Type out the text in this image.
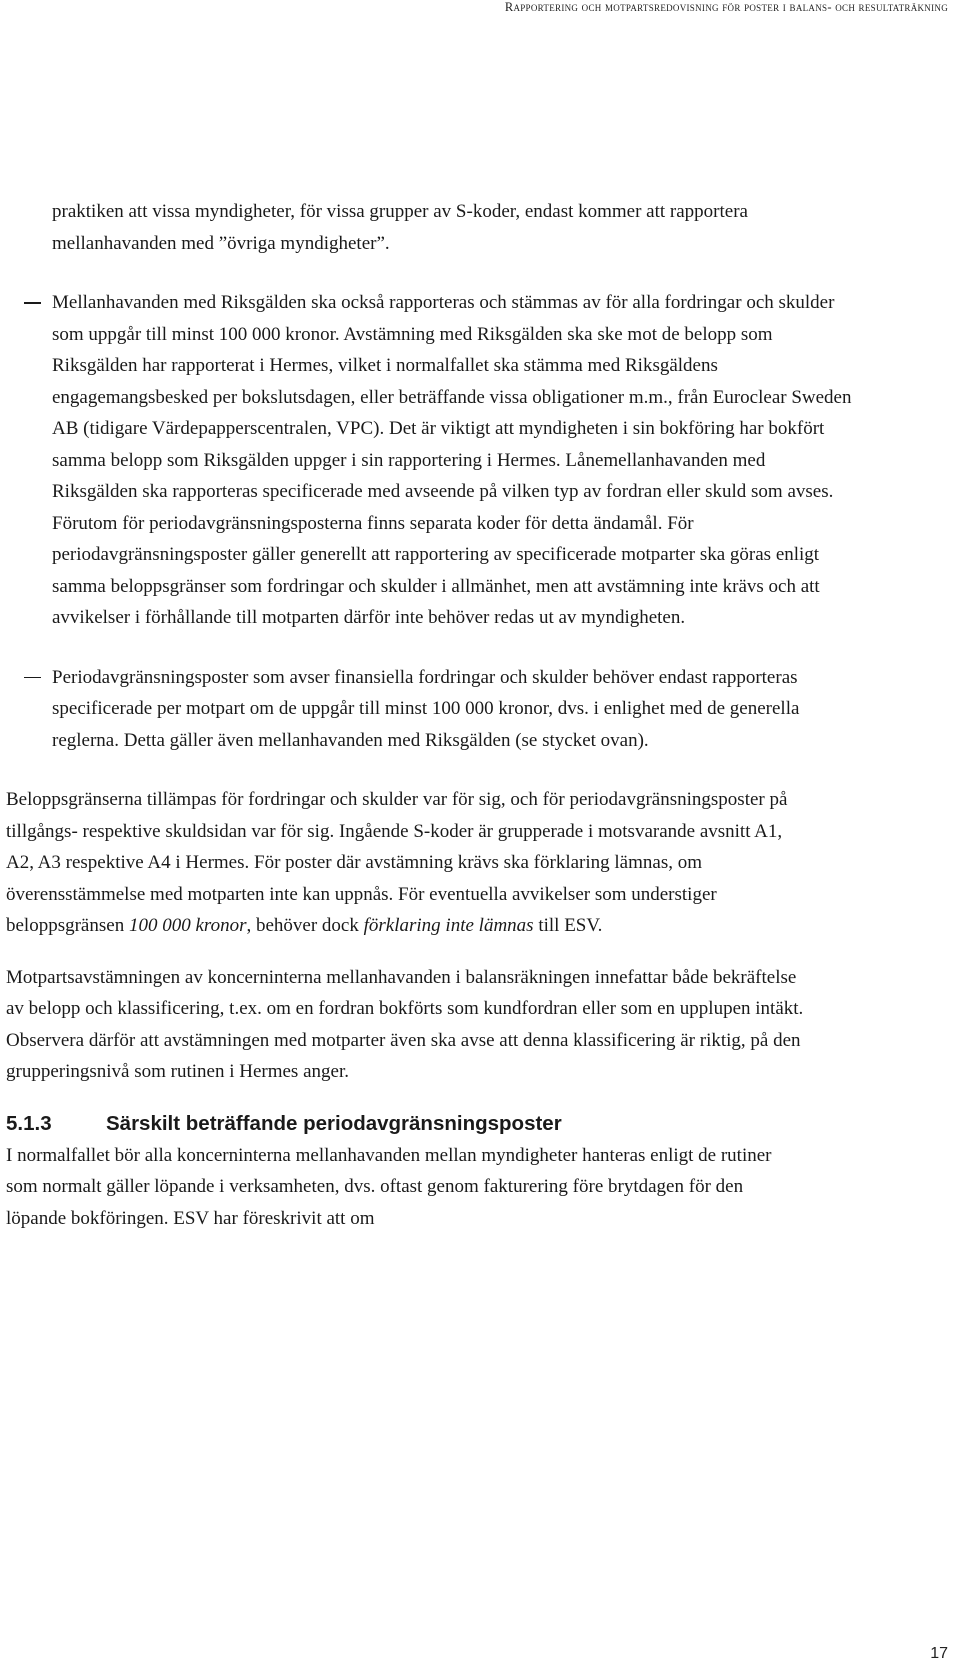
Rapportering och motpartsredovisning för poster i balans- och resultaträkning

praktiken att vissa myndigheter, för vissa grupper av S-koder, endast kommer att rapportera mellanhavanden med ”övriga myndigheter”.

Mellanhavanden med Riksgälden ska också rapporteras och stämmas av för alla fordringar och skulder som uppgår till minst 100 000 kronor. Avstämning med Riksgälden ska ske mot de belopp som Riksgälden har rapporterat i Hermes, vilket i normalfallet ska stämma med Riksgäldens engagemangsbesked per bokslutsdagen, eller beträffande vissa obligationer m.m., från Euroclear Sweden AB (tidigare Värdepapperscentralen, VPC). Det är viktigt att myndigheten i sin bokföring har bokfört samma belopp som Riksgälden uppger i sin rapportering i Hermes. Lånemellanhavanden med Riksgälden ska rapporteras specificerade med avseende på vilken typ av fordran eller skuld som avses. Förutom för periodavgränsningsposterna finns separata koder för detta ändamål. För periodavgränsningsposter gäller generellt att rapportering av specificerade motparter ska göras enligt samma beloppsgränser som fordringar och skulder i allmänhet, men att avstämning inte krävs och att avvikelser i förhållande till motparten därför inte behöver redas ut av myndigheten.

Periodavgränsningsposter som avser finansiella fordringar och skulder behöver endast rapporteras specificerade per motpart om de uppgår till minst 100 000 kronor, dvs. i enlighet med de generella reglerna. Detta gäller även mellanhavanden med Riksgälden (se stycket ovan).

Beloppsgränserna tillämpas för fordringar och skulder var för sig, och för periodavgränsningsposter på tillgångs- respektive skuldsidan var för sig. Ingående S-koder är grupperade i motsvarande avsnitt A1, A2, A3 respektive A4 i Hermes. För poster där avstämning krävs ska förklaring lämnas, om överensstämmelse med motparten inte kan uppnås. För eventuella avvikelser som understiger beloppsgränsen 100 000 kronor, behöver dock förklaring inte lämnas till ESV.

Motpartsavstämningen av koncerninterna mellanhavanden i balansräkningen innefattar både bekräftelse av belopp och klassificering, t.ex. om en fordran bokförts som kundfordran eller som en upplupen intäkt. Observera därför att avstämningen med motparter även ska avse att denna klassificering är riktig, på den grupperingsnivå som rutinen i Hermes anger.

5.1.3	Särskilt beträffande periodavgränsningsposter

I normalfallet bör alla koncerninterna mellanhavanden mellan myndigheter hanteras enligt de rutiner som normalt gäller löpande i verksamheten, dvs. oftast genom fakturering före brytdagen för den löpande bokföringen. ESV har föreskrivit att om

17
